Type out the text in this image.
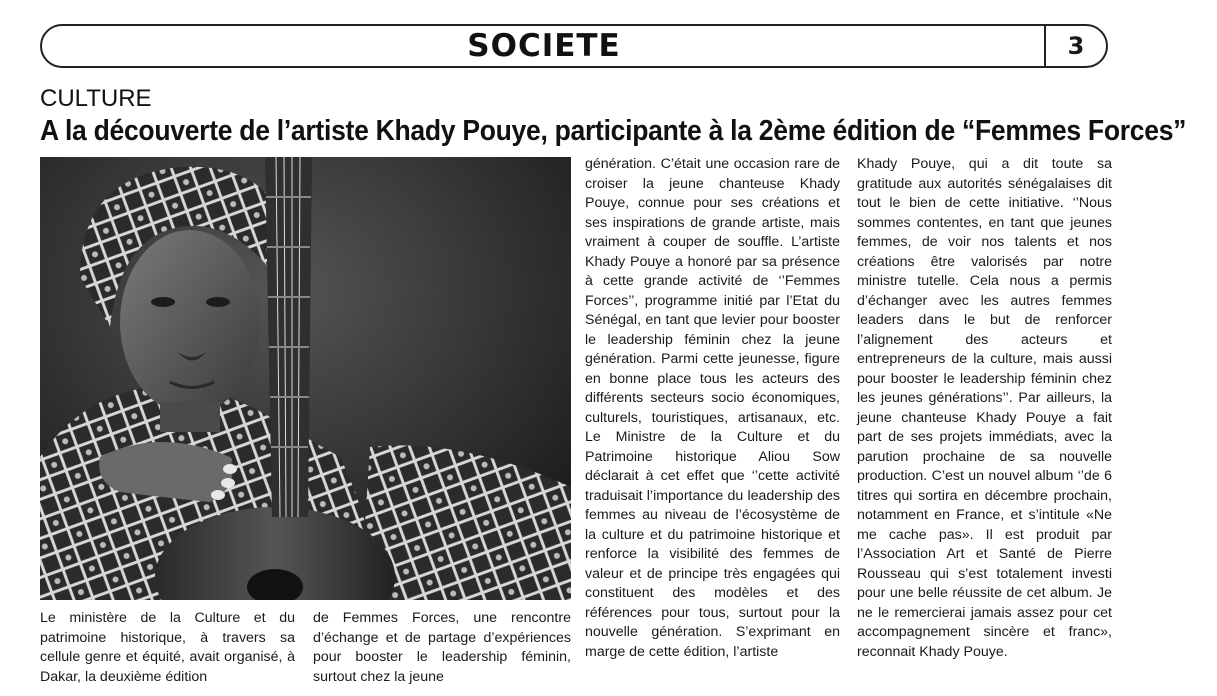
SOCIETE	3
CULTURE
A la découverte de l’artiste Khady Pouye, participante à la 2ème édition de “Femmes Forces”

Le ministère de la Culture et du patrimoine historique, à travers sa cellule genre et équité, avait organisé, à Dakar, la deuxième édition

de Femmes Forces, une rencontre d’échange et de partage d’expériences pour booster le leadership féminin, surtout chez la jeune

génération. C’était une occasion rare de croiser la jeune chanteuse Khady Pouye, connue pour ses créations et ses inspirations de grande artiste, mais vraiment à couper de souffle. L’artiste Khady Pouye a honoré par sa présence à cette grande activité de ‘’Femmes Forces’’, programme initié par l’Etat du Sénégal, en tant que levier pour booster le leadership féminin chez la jeune génération. Parmi cette jeunesse, figure en bonne place tous les acteurs des différents secteurs socio économiques, culturels, touristiques, artisanaux, etc. Le Ministre de la Culture et du Patrimoine historique Aliou Sow déclarait à cet effet que ‘’cette activité traduisait l’importance du leadership des femmes au niveau de l’écosystème de la culture et du patrimoine historique et renforce la visibilité des femmes de valeur et de principe très engagées qui constituent des modèles et des références pour tous, surtout pour la nouvelle génération. S’exprimant en marge de cette édition, l’artiste

Khady Pouye, qui a dit toute sa gratitude aux autorités sénégalaises dit tout le bien de cette initiative. ‘’Nous sommes contentes, en tant que jeunes femmes, de voir nos talents et nos créations être valorisés par notre ministre tutelle. Cela nous a permis d’échanger avec les autres femmes leaders dans le but de renforcer l’alignement des acteurs et entrepreneurs de la culture, mais aussi pour booster le leadership féminin chez les jeunes générations’’. Par ailleurs, la jeune chanteuse Khady Pouye a fait part de ses projets immédiats, avec la parution prochaine de sa nouvelle production. C’est un nouvel album ‘’de 6 titres qui sortira en décembre prochain, notamment en France, et s’intitule «Ne me cache pas». Il est produit par l’Association Art et Santé de Pierre Rousseau qui s’est totalement investi pour une belle réussite de cet album. Je ne le remercierai jamais assez pour cet accompagnement sincère et franc», reconnait Khady Pouye.
